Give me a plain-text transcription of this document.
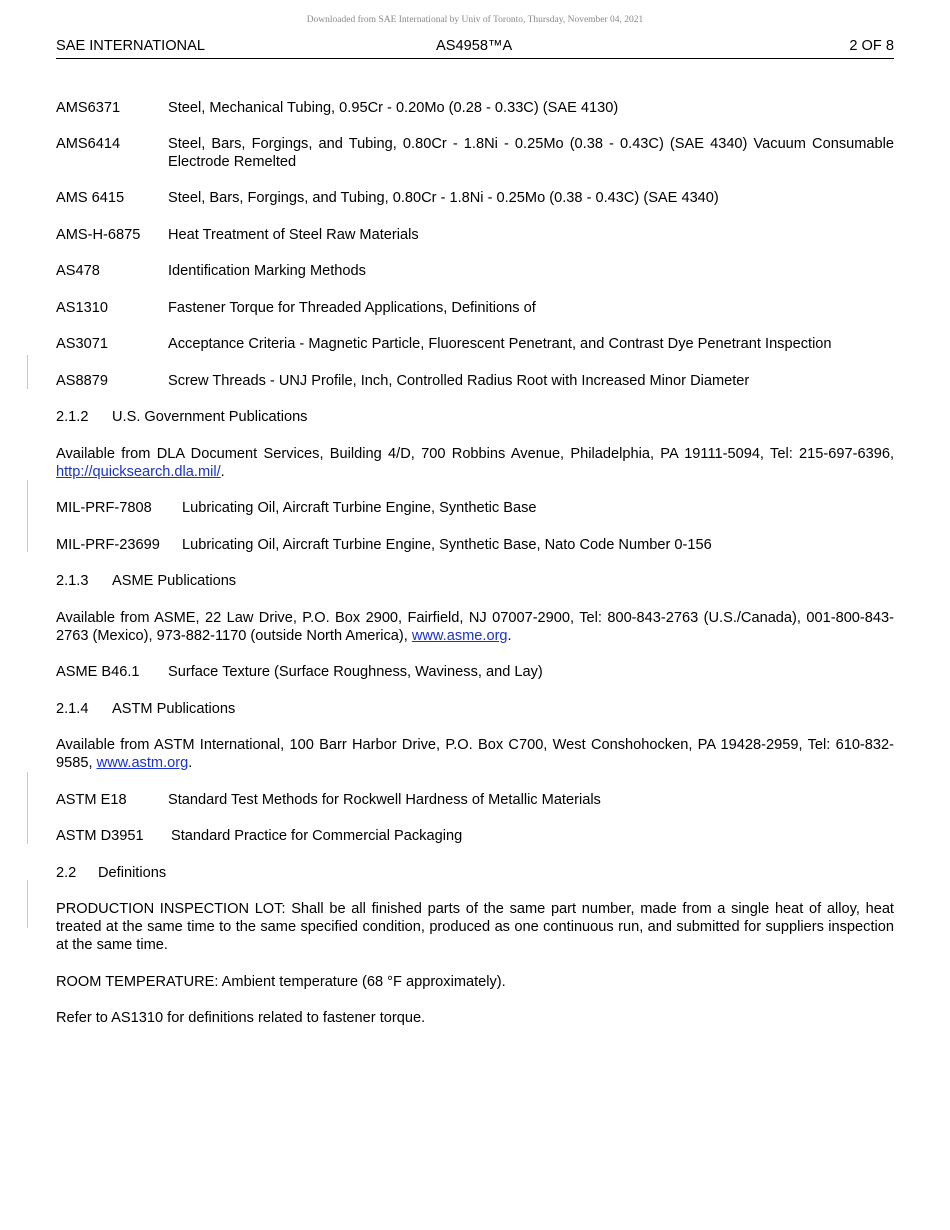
Downloaded from SAE International by Univ of Toronto, Thursday, November 04, 2021
SAE INTERNATIONAL	AS4958™A	2 OF 8
AMS6371	Steel, Mechanical Tubing, 0.95Cr - 0.20Mo (0.28 - 0.33C) (SAE 4130)
AMS6414	Steel, Bars, Forgings, and Tubing, 0.80Cr - 1.8Ni - 0.25Mo (0.38 - 0.43C) (SAE 4340) Vacuum Consumable Electrode Remelted
AMS 6415	Steel, Bars, Forgings, and Tubing, 0.80Cr - 1.8Ni - 0.25Mo (0.38 - 0.43C) (SAE 4340)
AMS-H-6875 Heat Treatment of Steel Raw Materials
AS478	Identification Marking Methods
AS1310	Fastener Torque for Threaded Applications, Definitions of
AS3071	Acceptance Criteria - Magnetic Particle, Fluorescent Penetrant, and Contrast Dye Penetrant Inspection
AS8879	Screw Threads - UNJ Profile, Inch, Controlled Radius Root with Increased Minor Diameter
2.1.2 U.S. Government Publications
Available from DLA Document Services, Building 4/D, 700 Robbins Avenue, Philadelphia, PA 19111-5094, Tel: 215-697-6396, http://quicksearch.dla.mil/.
MIL-PRF-7808 Lubricating Oil, Aircraft Turbine Engine, Synthetic Base
MIL-PRF-23699 Lubricating Oil, Aircraft Turbine Engine, Synthetic Base, Nato Code Number 0-156
2.1.3 ASME Publications
Available from ASME, 22 Law Drive, P.O. Box 2900, Fairfield, NJ 07007-2900, Tel: 800-843-2763 (U.S./Canada), 001-800-843-2763 (Mexico), 973-882-1170 (outside North America), www.asme.org.
ASME B46.1 Surface Texture (Surface Roughness, Waviness, and Lay)
2.1.4 ASTM Publications
Available from ASTM International, 100 Barr Harbor Drive, P.O. Box C700, West Conshohocken, PA 19428-2959, Tel: 610-832-9585, www.astm.org.
ASTM E18	Standard Test Methods for Rockwell Hardness of Metallic Materials
ASTM D3951 Standard Practice for Commercial Packaging
2.2 Definitions
PRODUCTION INSPECTION LOT: Shall be all finished parts of the same part number, made from a single heat of alloy, heat treated at the same time to the same specified condition, produced as one continuous run, and submitted for suppliers inspection at the same time.
ROOM TEMPERATURE: Ambient temperature (68 °F approximately).
Refer to AS1310 for definitions related to fastener torque.
